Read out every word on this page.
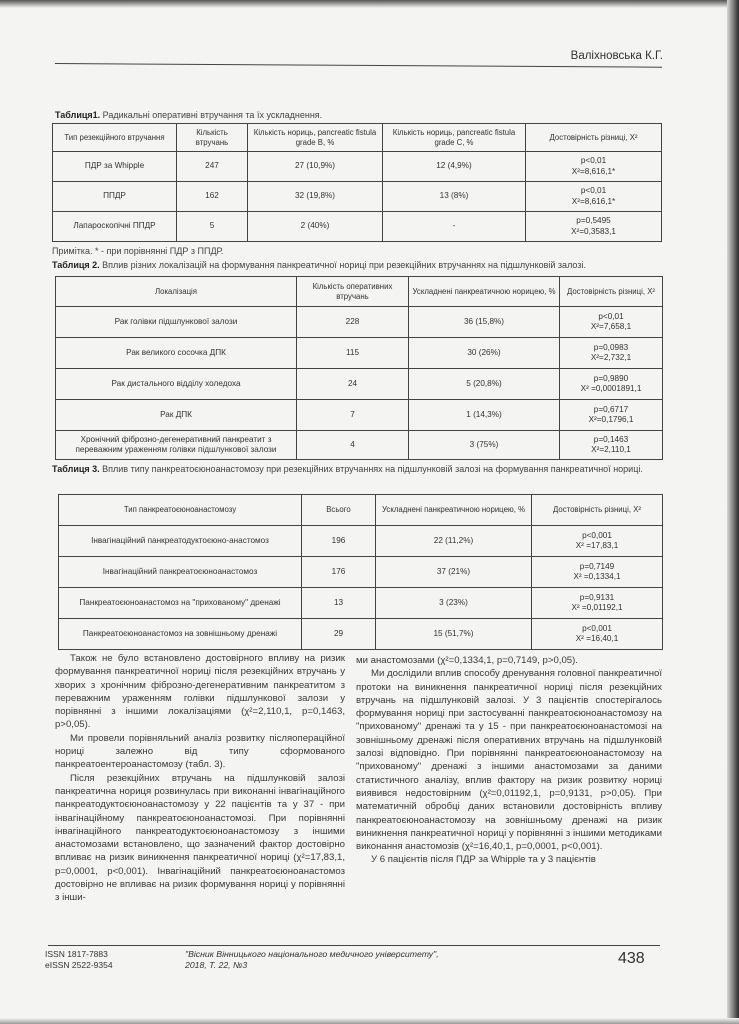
Валіхновська К.Г.
Таблиця1. Радикальні оперативні втручання та їх ускладнення.
Тип резекційного втручання	Кількість втручань	Кількість нориць, pancreatic fistula grade B, %	Кількість нориць, pancreatic fistula grade C, %	Достовірність різниці, X²
ПДР за Whipple	247	27 (10,9%)	12 (4,9%)	p<0,01
X²=8,616,1*

ППДР	162	32 (19,8%)	13 (8%)	p<0,01
X²=8,616,1*

Лапароскопічні ППДР	5	2 (40%)	-	p=0,5495
X²=0,3583,1
Примітка. * - при порівнянні ПДР з ППДР.
Таблиця 2. Вплив різних локалізацій на формування панкреатичної нориці при резекційних втручаннях на підшлунковій залозі.
Локалізація	Кількість оперативних втручань	Ускладнені панкреатичною норицею, %	Достовірність різниці, X²
Рак голівки підшлункової залози	228	36 (15,8%)	p<0,01
X²=7,658,1

Рак великого сосочка ДПК	115	30 (26%)	p=0,0983
X²=2,732,1

Рак дистального відділу холедоха	24	5 (20,8%)	p=0,9890
X² =0,0001891,1

Рак ДПК	7	1 (14,3%)	p=0,6717
X²=0,1796,1

Хронічний фіброзно-дегенеративний панкреатит з переважним ураженням голівки підшлункової залози	4	3 (75%)	p=0,1463
X²=2,110,1
Таблиця 3. Вплив типу панкреатоєюноанастомозу при резекційних втручаннях на підшлунковій залозі на формування панкреатичної нориці.
Тип панкреатоєюноанастомозу	Всього	Ускладнені панкреатичною норицею, %	Достовірність різниці, X²
Інвагінаційний панкреатодуктоєюно-анастомоз	196	22 (11,2%)	p<0,001
X² =17,83,1

Інвагінаційний панкреатоєюноанастомоз	176	37 (21%)	p=0,7149
X² =0,1334,1

Панкреатоєюноанастомоз на "прихованому" дренажі	13	3 (23%)	p=0,9131
X² =0,01192,1

Панкреатоєюноанастомоз на зовнішньому дренажі	29	15 (51,7%)	p<0,001
X² =16,40,1

Також не було встановлено достовірного впливу на ризик формування панкреатичної нориці після резекційних втручань у хворих з хронічним фіброзно-дегенеративним панкреатитом з переважним ураженням голівки підшлункової залози у порівнянні з іншими локалізаціями (χ²=2,110,1, p=0,1463, p>0,05).

Ми провели порівняльний аналіз розвитку післяопераційної нориці залежно від типу сформованого панкреатоентероанастомозу (табл. 3).

Після резекційних втручань на підшлунковій залозі панкреатична нориця розвинулась при виконанні інвагінаційного панкреатодуктоєюноанастомозу у 22 пацієнтів та у 37 - при інвагінаційному панкреатоєюноанастомозі. При порівнянні інвагінаційного панкреатодуктоєюноанастомозу з іншими анастомозами встановлено, що зазначений фактор достовірно впливає на ризик виникнення панкреатичної нориці (χ²=17,83,1, p=0,0001, p<0,001). Інвагінаційний панкреатоєюноанастомоз достовірно не впливає на ризик формування нориці у порівнянні з інши-

ми анастомозами (χ²=0,1334,1, p=0,7149, p>0,05).

Ми дослідили вплив способу дренування головної панкреатичної протоки на виникнення панкреатичної нориці після резекційних втручань на підшлунковій залозі. У 3 пацієнтів спостерігалось формування нориці при застосуванні панкреатоєюноанастомозу на "прихованому" дренажі та у 15 - при панкреатоєюноанастомозі на зовнішньому дренажі після оперативних втручань на підшлунковій залозі відповідно. При порівнянні панкреатоєюноанастомозу на "прихованому" дренажі з іншими анастомозами за даними статистичного аналізу, вплив фактору на ризик розвитку нориці виявився недостовірним (χ²=0,01192,1, p=0,9131, p>0,05). При математичній обробці даних встановили достовірність впливу панкреатоєюноанастомозу на зовнішньому дренажі на ризик виникнення панкреатичної нориці у порівнянні з іншими методиками виконання анастомозів (χ²=16,40,1, p=0,0001, p<0,001).

У 6 пацієнтів після ПДР за Whipple та у 3 пацієнтів

ISSN 1817-7883
eISSN 2522-9354
"Вісник Вінницького національного медичного університету",
2018, Т. 22, №3	438
